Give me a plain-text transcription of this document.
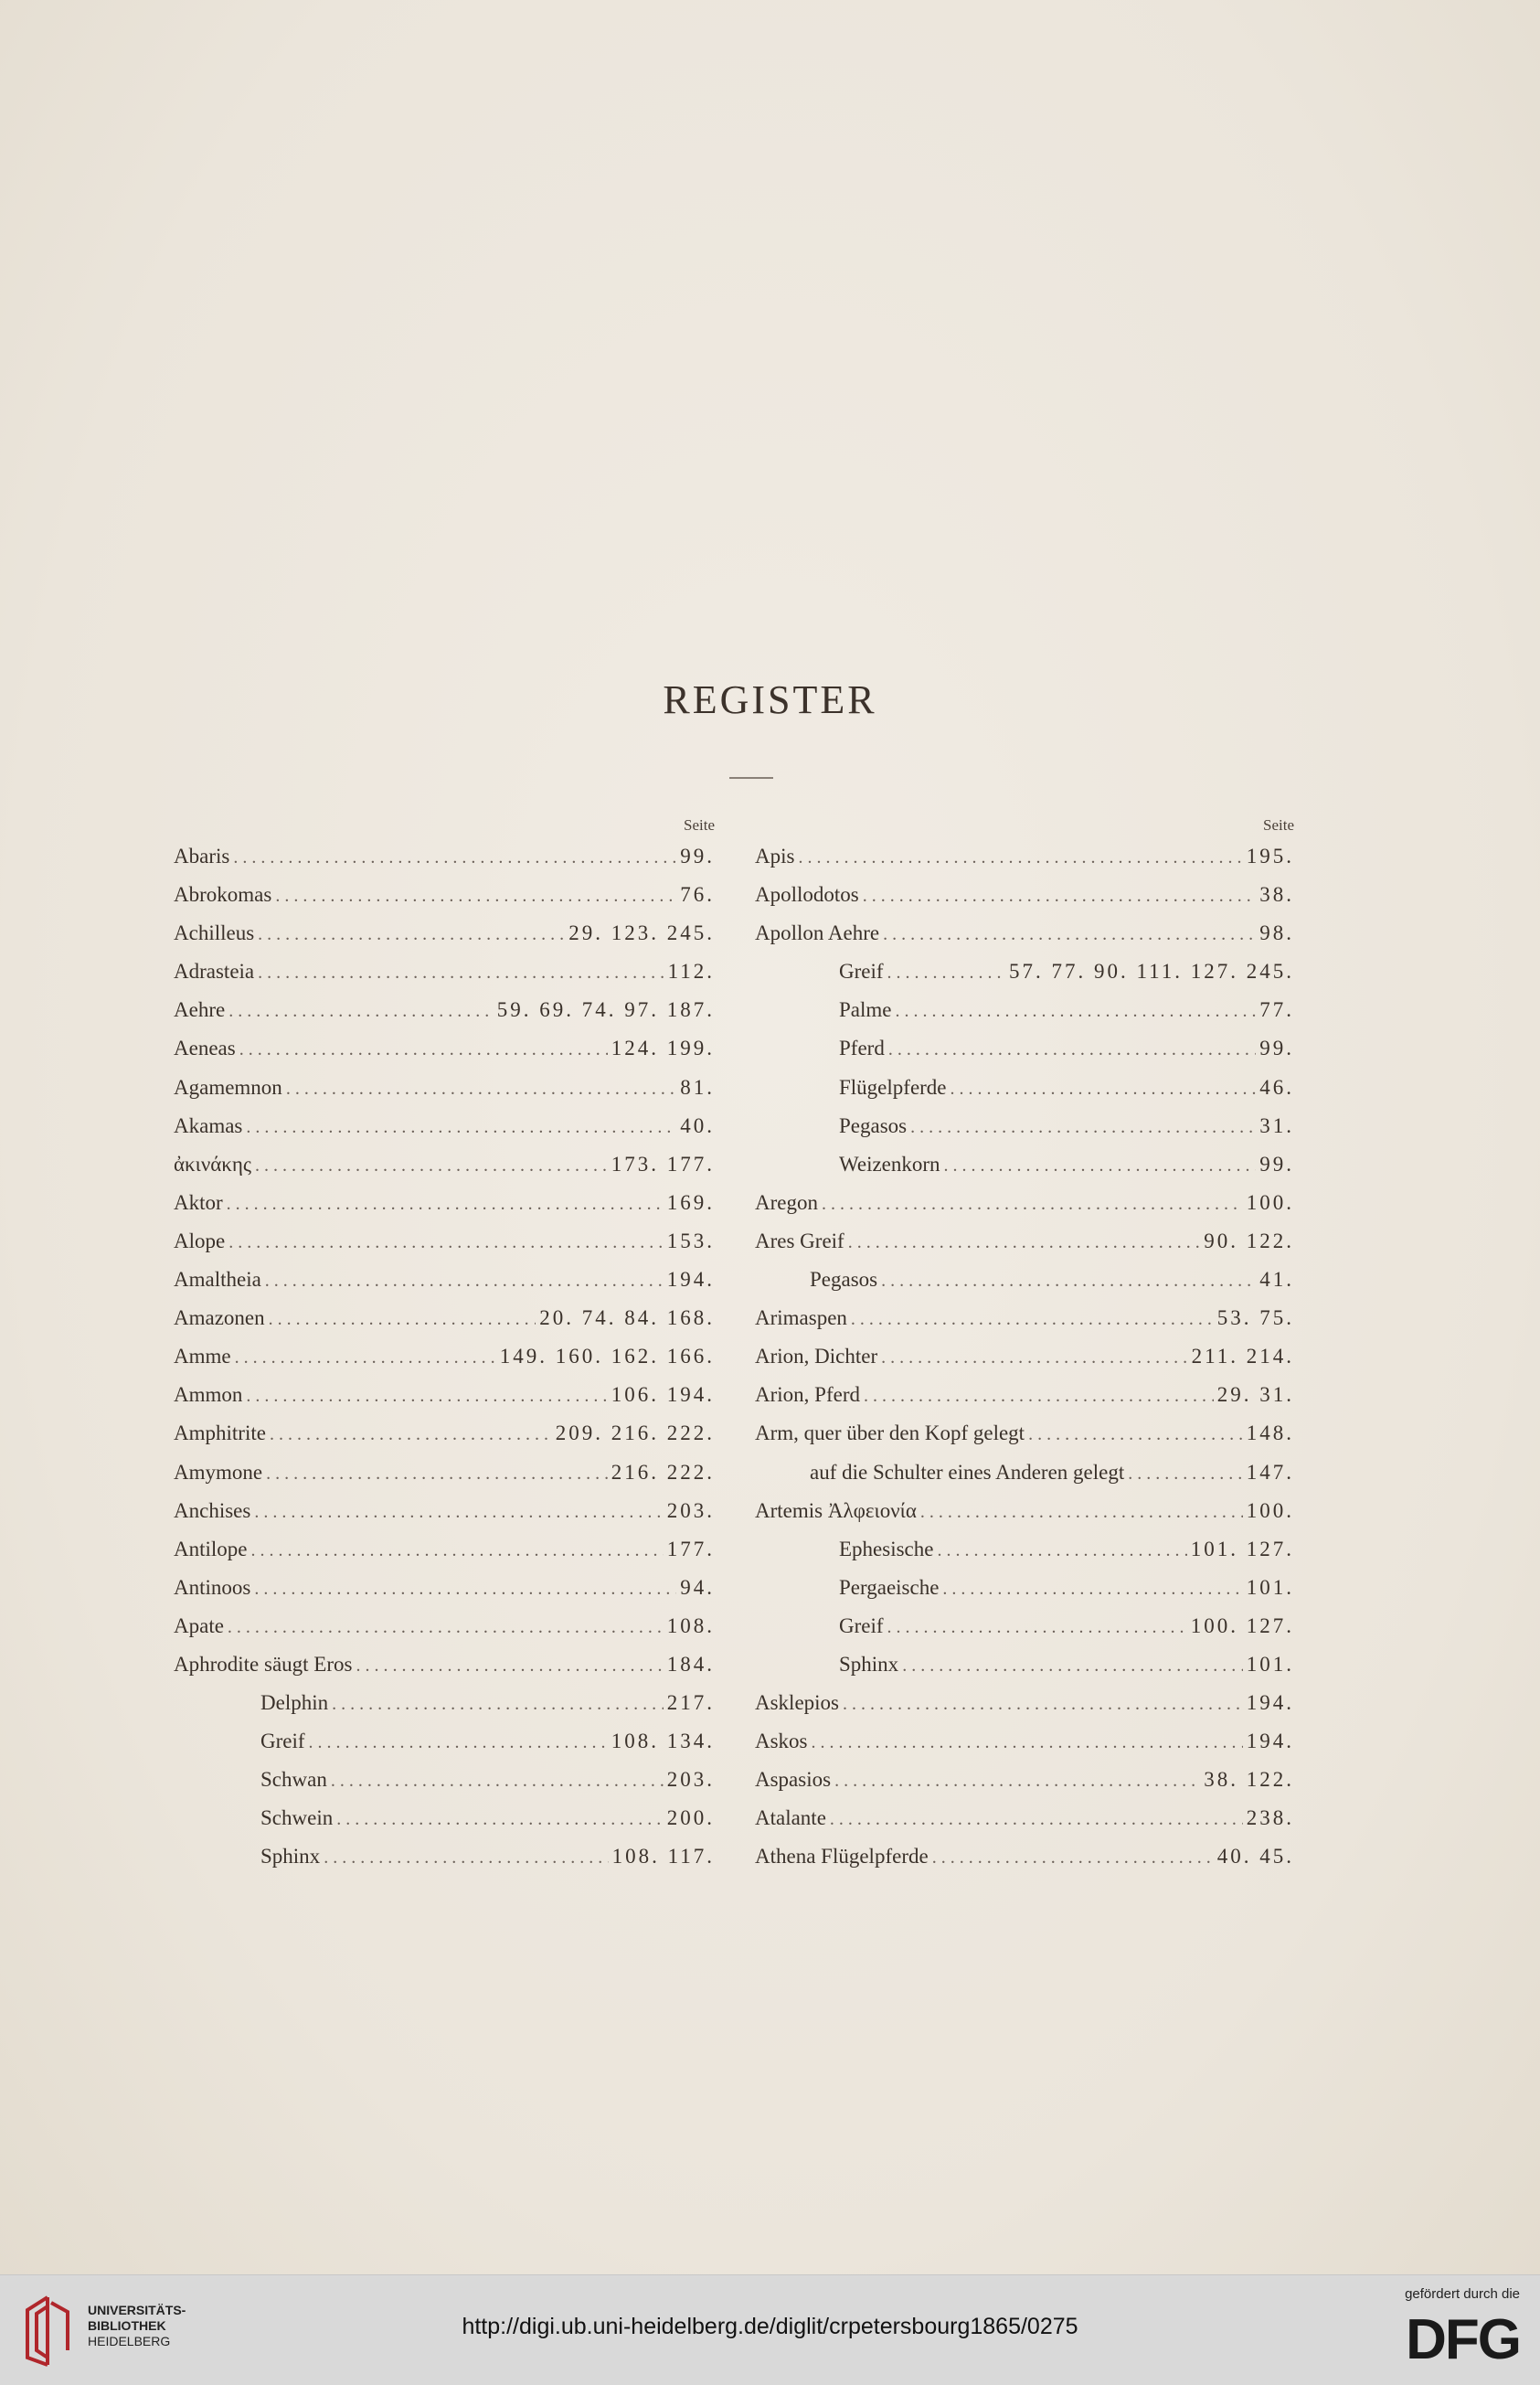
REGISTER
Seite
Abaris . . .	99.
Abrokomas . . .	76.
Achilleus . . .	29. 123. 245.
Adrasteia . . .	112.
Aehre . . .	59. 69. 74. 97. 187.
Aeneas . . .	124. 199.
Agamemnon . . .	81.
Akamas . . .	40.
ἀκινάκης . . .	173. 177.
Aktor . . .	169.
Alope . . .	153.
Amaltheia . . .	194.
Amazonen . . .	20. 74. 84. 168.
Amme . . .	149. 160. 162. 166.
Ammon . . .	106. 194.
Amphitrite . . .	209. 216. 222.
Amymone . . .	216. 222.
Anchises . . .	203.
Antilope . . .	177.
Antinoos . . .	94.
Apate . . .	108.
Aphrodite säugt Eros . . .	184.
Delphin . . .	217.
Greif . . .	108. 134.
Schwan . . .	203.
Schwein . . .	200.
Sphinx . . .	108. 117.
Seite
Apis . . .	195.
Apollodotos . . .	38.
Apollon Aehre . . .	98.
Greif . . .	57. 77. 90. 111. 127. 245.
Palme . . .	77.
Pferd . . .	99.
Flügelpferde . . .	46.
Pegasos . . .	31.
Weizenkorn . . .	99.
Aregon . . .	100.
Ares Greif . . .	90. 122.
Pegasos . . .	41.
Arimaspen . . .	53. 75.
Arion, Dichter . . .	211. 214.
Arion, Pferd . . .	29. 31.
Arm, quer über den Kopf gelegt . . .	148.
auf die Schulter eines Anderen gelegt . . .	147.
Artemis Ἀλφειονία . . .	100.
Ephesische . . .	101. 127.
Pergaeische . . .	101.
Greif . . .	100. 127.
Sphinx . . .	101.
Asklepios . . .	194.
Askos . . .	194.
Aspasios . . .	38. 122.
Atalante . . .	238.
Athena Flügelpferde . . .	40. 45.
UNIVERSITÄTS-
BIBLIOTHEK
HEIDELBERG
http://digi.ub.uni-heidelberg.de/diglit/crpetersbourg1865/0275
gefördert durch die
DFG
